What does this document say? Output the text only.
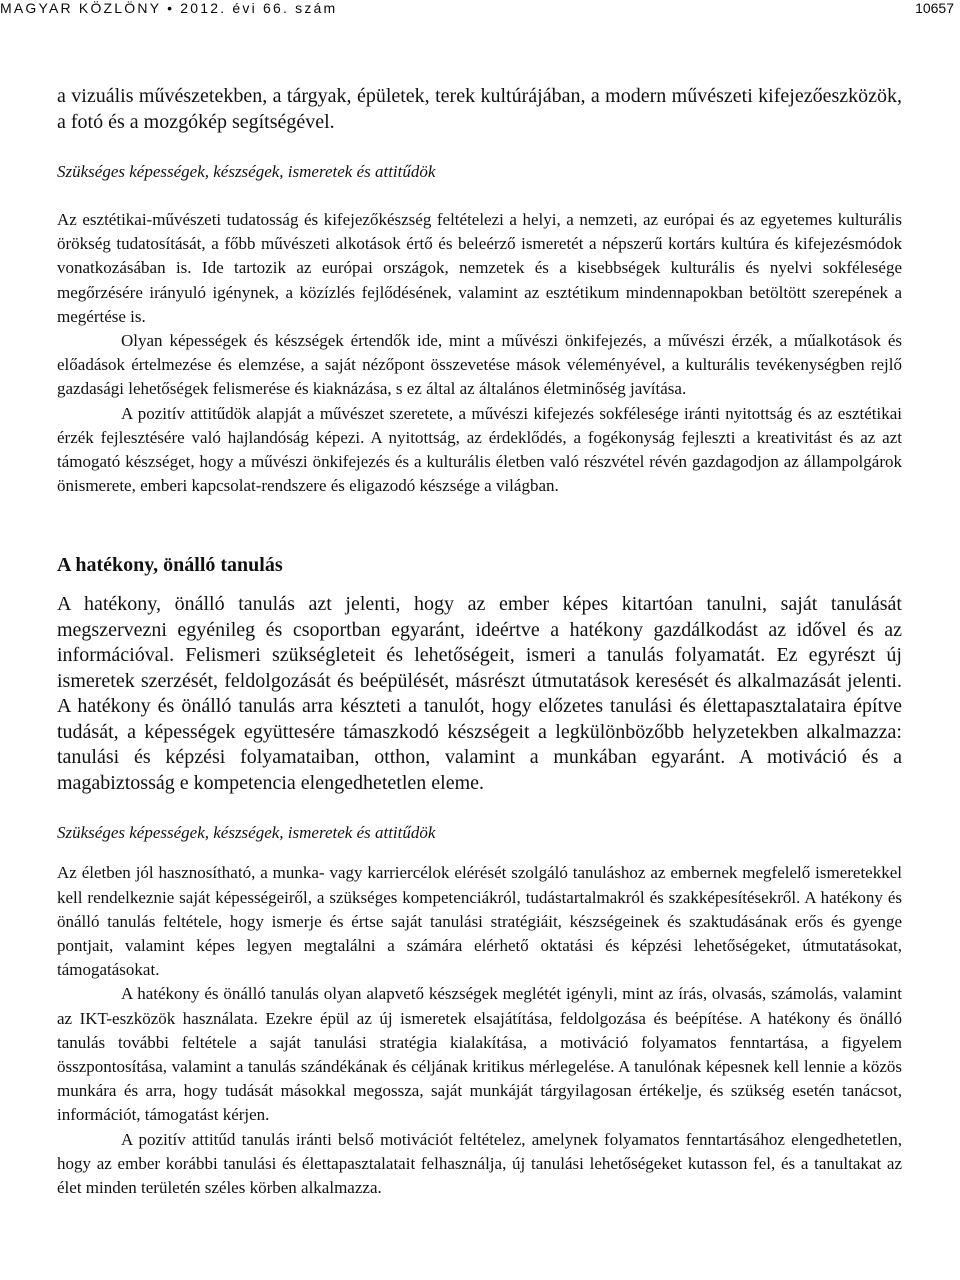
MAGYAR KÖZLÖNY • 2012. évi 66. szám	10657

a vizuális művészetekben, a tárgyak, épületek, terek kultúrájában, a modern művészeti kifejezőeszközök, a fotó és a mozgókép segítségével.

Szükséges képességek, készségek, ismeretek és attitűdök

Az esztétikai-művészeti tudatosság és kifejezőkészség feltételezi a helyi, a nemzeti, az európai és az egyetemes kulturális örökség tudatosítását, a főbb művészeti alkotások értő és beleérző ismeretét a népszerű kortárs kultúra és kifejezésmódok vonatkozásában is. Ide tartozik az európai országok, nemzetek és a kisebbségek kulturális és nyelvi sokfélesége megőrzésére irányuló igénynek, a közízlés fejlődésének, valamint az esztétikum mindennapokban betöltött szerepének a megértése is.

Olyan képességek és készségek értendők ide, mint a művészi önkifejezés, a művészi érzék, a műalkotások és előadások értelmezése és elemzése, a saját nézőpont összevetése mások véleményével, a kulturális tevékenységben rejlő gazdasági lehetőségek felismerése és kiaknázása, s ez által az általános életminőség javítása.

A pozitív attitűdök alapját a művészet szeretete, a művészi kifejezés sokfélesége iránti nyitottság és az esztétikai érzék fejlesztésére való hajlandóság képezi. A nyitottság, az érdeklődés, a fogékonyság fejleszti a kreativitást és az azt támogató készséget, hogy a művészi önkifejezés és a kulturális életben való részvétel révén gazdagodjon az állampolgárok önismerete, emberi kapcsolat-rendszere és eligazodó készsége a világban.

A hatékony, önálló tanulás

A hatékony, önálló tanulás azt jelenti, hogy az ember képes kitartóan tanulni, saját tanulását megszervezni egyénileg és csoportban egyaránt, ideértve a hatékony gazdálkodást az idővel és az információval. Felismeri szükségleteit és lehetőségeit, ismeri a tanulás folyamatát. Ez egyrészt új ismeretek szerzését, feldolgozását és beépülését, másrészt útmutatások keresését és alkalmazását jelenti. A hatékony és önálló tanulás arra készteti a tanulót, hogy előzetes tanulási és élettapasztalataira építve tudását, a képességek együttesére támaszkodó készségeit a legkülönbözőbb helyzetekben alkalmazza: tanulási és képzési folyamataiban, otthon, valamint a munkában egyaránt. A motiváció és a magabiztosság e kompetencia elengedhetetlen eleme.

Szükséges képességek, készségek, ismeretek és attitűdök

Az életben jól hasznosítható, a munka- vagy karriercélok elérését szolgáló tanuláshoz az embernek megfelelő ismeretekkel kell rendelkeznie saját képességeiről, a szükséges kompetenciákról, tudástartalmakról és szakképesítésekről. A hatékony és önálló tanulás feltétele, hogy ismerje és értse saját tanulási stratégiáit, készségeinek és szaktudásának erős és gyenge pontjait, valamint képes legyen megtalálni a számára elérhető oktatási és képzési lehetőségeket, útmutatásokat, támogatásokat.

A hatékony és önálló tanulás olyan alapvető készségek meglétét igényli, mint az írás, olvasás, számolás, valamint az IKT-eszközök használata. Ezekre épül az új ismeretek elsajátítása, feldolgozása és beépítése. A hatékony és önálló tanulás további feltétele a saját tanulási stratégia kialakítása, a motiváció folyamatos fenntartása, a figyelem összpontosítása, valamint a tanulás szándékának és céljának kritikus mérlegelése. A tanulónak képesnek kell lennie a közös munkára és arra, hogy tudását másokkal megossza, saját munkáját tárgyilagosan értékelje, és szükség esetén tanácsot, információt, támogatást kérjen.

A pozitív attitűd tanulás iránti belső motivációt feltételez, amelynek folyamatos fenntartásához elengedhetetlen, hogy az ember korábbi tanulási és élettapasztalatait felhasználja, új tanulási lehetőségeket kutasson fel, és a tanultakat az élet minden területén széles körben alkalmazza.
